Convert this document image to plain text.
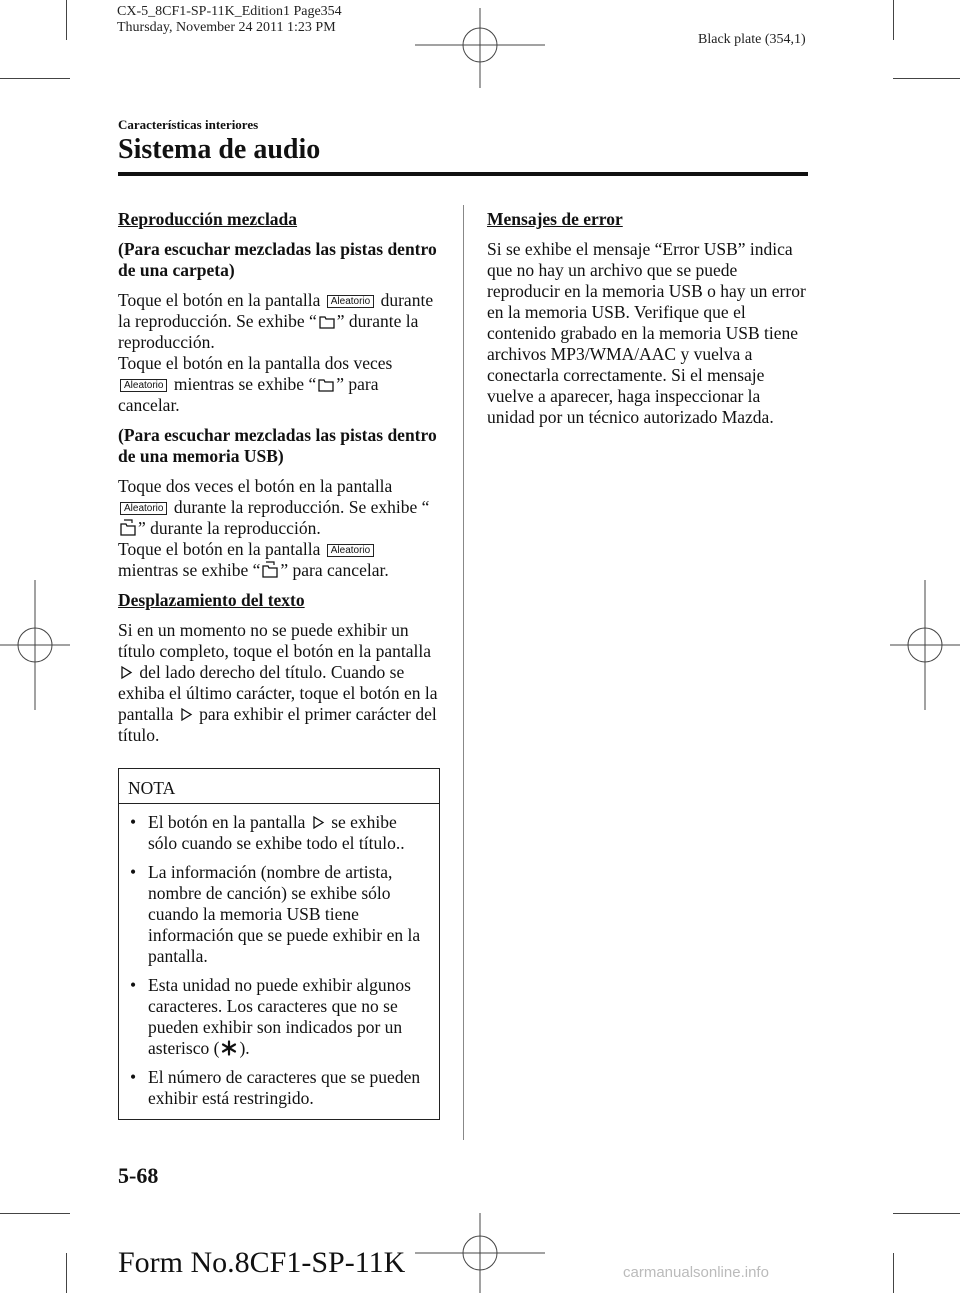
CX-5_8CF1-SP-11K_Edition1 Page354
Thursday, November 24 2011 1:23 PM
Black plate (354,1)
Características interiores
Sistema de audio

Reproducción mezclada

(Para escuchar mezcladas las pistas dentro de una carpeta)

Toque el botón en la pantalla Aleatorio durante la reproducción. Se exhibe “ ” durante la reproducción.
Toque el botón en la pantalla dos veces Aleatorio mientras se exhibe “ ” para cancelar.

(Para escuchar mezcladas las pistas dentro de una memoria USB)

Toque dos veces el botón en la pantalla Aleatorio durante la reproducción. Se exhibe “” durante la reproducción.
Toque el botón en la pantalla Aleatorio mientras se exhibe “ ” para cancelar.

Desplazamiento del texto

Si en un momento no se puede exhibir un título completo, toque el botón en la pantalla  del lado derecho del título. Cuando se exhiba el último carácter, toque el botón en la pantalla para exhibir el primer carácter del título.

NOTA
• El botón en la pantalla se exhibe sólo cuando se exhibe todo el título..
• La información (nombre de artista, nombre de canción) se exhibe sólo cuando la memoria USB tiene información que se puede exhibir en la pantalla.
• Esta unidad no puede exhibir algunos caracteres. Los caracteres que no se pueden exhibir son indicados por un asterisco ( ).
• El número de caracteres que se pueden exhibir está restringido.

Mensajes de error

Si se exhibe el mensaje “Error USB” indica que no hay un archivo que se puede reproducir en la memoria USB o hay un error en la memoria USB. Verifique que el contenido grabado en la memoria USB tiene archivos MP3/WMA/AAC y vuelva a conectarla correctamente. Si el mensaje vuelve a aparecer, haga inspeccionar la unidad por un técnico autorizado Mazda.

5-68
Form No.8CF1-SP-11K	carmanualsonline.info
